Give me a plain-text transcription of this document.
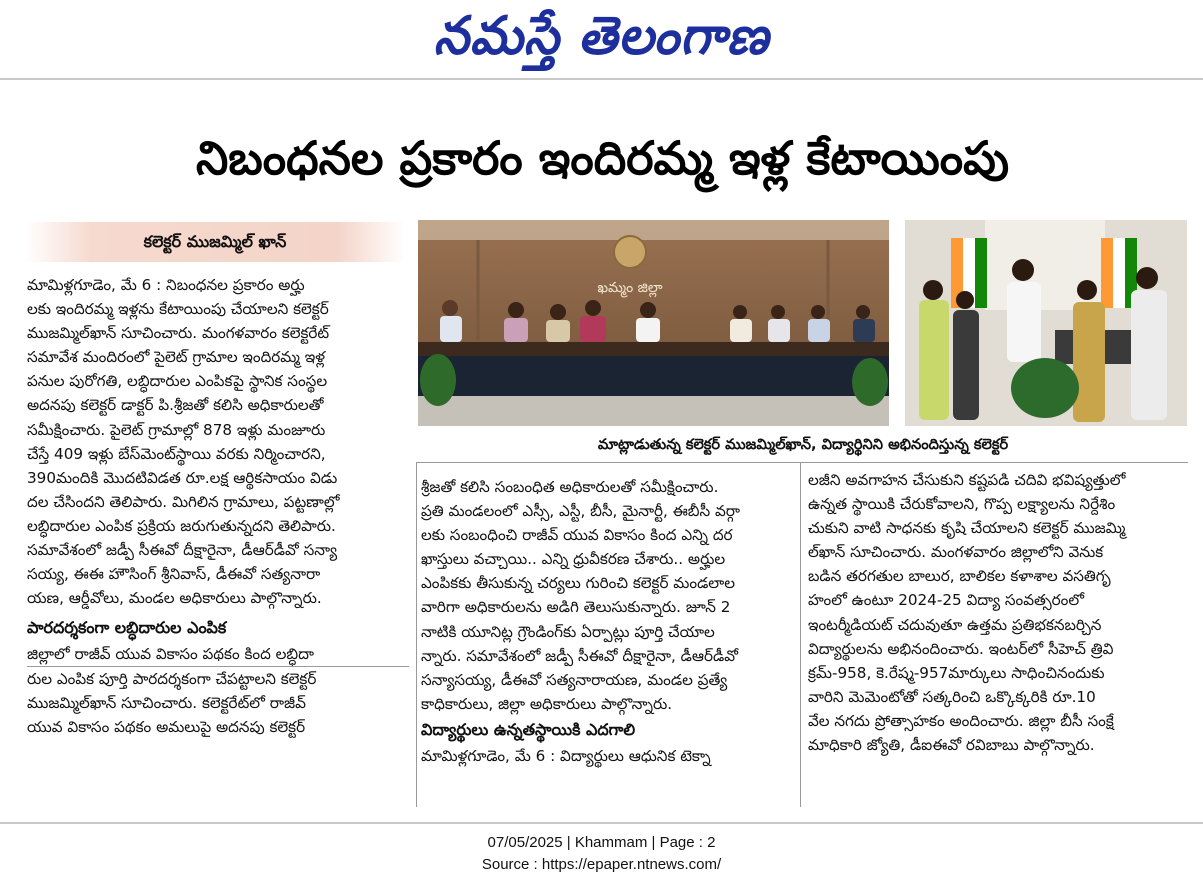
నమస్తే తెలంగాణ
నిబంధనల ప్రకారం ఇందిరమ్మ ఇళ్ల కేటాయింపు
కలెక్టర్ ముజమ్మిల్ ఖాన్
మామిళ్లగూడెం, మే 6 : నిబంధనల ప్రకారం అర్హు
లకు ఇందిరమ్మ ఇళ్లను కేటాయింపు చేయాలని కలెక్టర్
ముజమ్మిల్‌ఖాన్ సూచించారు. మంగళవారం కలెక్టరేట్
సమావేశ మందిరంలో పైలెట్ గ్రామాల ఇందిరమ్మ ఇళ్ల
పనుల పురోగతి, లబ్ధిదారుల ఎంపికపై స్థానిక సంస్థల
అదనపు కలెక్టర్ డాక్టర్ పి.శ్రీజతో కలిసి అధికారులతో
సమీక్షించారు. పైలెట్ గ్రామాల్లో 878 ఇళ్లు మంజూరు
చేస్తే 409 ఇళ్లు బేస్‌మెంట్‌స్థాయి వరకు నిర్మించారని,
390మందికి మొదటివిడత రూ.లక్ష ఆర్థికసాయం విడు
దల చేసిందని తెలిపారు. మిగిలిన గ్రామాలు, పట్టణాల్లో
లబ్ధిదారుల ఎంపిక ప్రక్రియ జరుగుతున్నదని తెలిపారు.
సమావేశంలో జడ్పీ సీఈవో దీక్షారైనా, డీఆర్‌డీవో సన్యా
సయ్య, ఈఈ హౌసింగ్ శ్రీనివాస్, డీఈవో సత్యనారా
యణ, ఆర్డీవోలు, మండల అధికారులు పాల్గొన్నారు.
పారదర్శకంగా లబ్ధిదారుల ఎంపిక
జిల్లాలో రాజీవ్ యువ వికాసం పథకం కింద లబ్ధిదా
రుల ఎంపిక పూర్తి పారదర్శకంగా చేపట్టాలని కలెక్టర్
ముజమ్మిల్‌ఖాన్ సూచించారు. కలెక్టరేట్‌లో రాజీవ్
యువ వికాసం పథకం అమలుపై అదనపు కలెక్టర్
ఖమ్మం జిల్లా
మాట్లాడుతున్న కలెక్టర్ ముజమ్మిల్‌ఖాన్, విద్యార్థినిని అభినందిస్తున్న కలెక్టర్
శ్రీజతో కలిసి సంబంధిత అధికారులతో సమీక్షించారు.
ప్రతి మండలంలో ఎస్సీ, ఎస్టీ, బీసీ, మైనార్టీ, ఈబీసీ వర్గా
లకు సంబంధించి రాజీవ్ యువ వికాసం కింద ఎన్ని దర
ఖాస్తులు వచ్చాయి.. ఎన్ని ధ్రువీకరణ చేశారు.. అర్హుల
ఎంపికకు తీసుకున్న చర్యలు గురించి కలెక్టర్ మండలాల
వారిగా అధికారులను అడిగి తెలుసుకున్నారు. జూన్ 2
నాటికి యూనిట్ల గ్రౌండింగ్‌కు ఏర్పాట్లు పూర్తి చేయాల
న్నారు. సమావేశంలో జడ్పీ సీఈవో దీక్షారైనా, డీఆర్‌డీవో
సన్యాసయ్య, డీఈవో సత్యనారాయణ, మండల ప్రత్యే
కాధికారులు, జిల్లా అధికారులు పాల్గొన్నారు.
విద్యార్థులు ఉన్నతస్థాయికి ఎదగాలి
మామిళ్లగూడెం, మే 6 : విద్యార్థులు ఆధునిక టెక్నా
లజీని అవగాహన చేసుకుని కష్టపడి చదివి భవిష్యత్తులో
ఉన్నత స్థాయికి చేరుకోవాలని, గొప్ప లక్ష్యాలను నిర్దేశిం
చుకుని వాటి సాధనకు కృషి చేయాలని కలెక్టర్ ముజమ్మి
ల్‌ఖాన్ సూచించారు. మంగళవారం జిల్లాలోని వెనుక
బడిన తరగతుల బాలుర, బాలికల కళాశాల వసతిగృ
హంలో ఉంటూ 2024-25 విద్యా సంవత్సరంలో
ఇంటర్మీడియట్ చదువుతూ ఉత్తమ ప్రతిభకనబర్చిన
విద్యార్థులను అభినందించారు. ఇంటర్‌లో సీహెచ్ త్రివి
క్రమ్-958, కె.రేష్మ-957మార్కులు సాధించినందుకు
వారిని మెమెంటోతో సత్కరించి ఒక్కొక్కరికి రూ.10
వేల నగదు ప్రోత్సాహకం అందించారు. జిల్లా బీసీ సంక్షే
మాధికారి జ్యోతి, డీఐఈవో రవిబాబు పాల్గొన్నారు.
07/05/2025 | Khammam | Page : 2
Source : https://epaper.ntnews.com/
